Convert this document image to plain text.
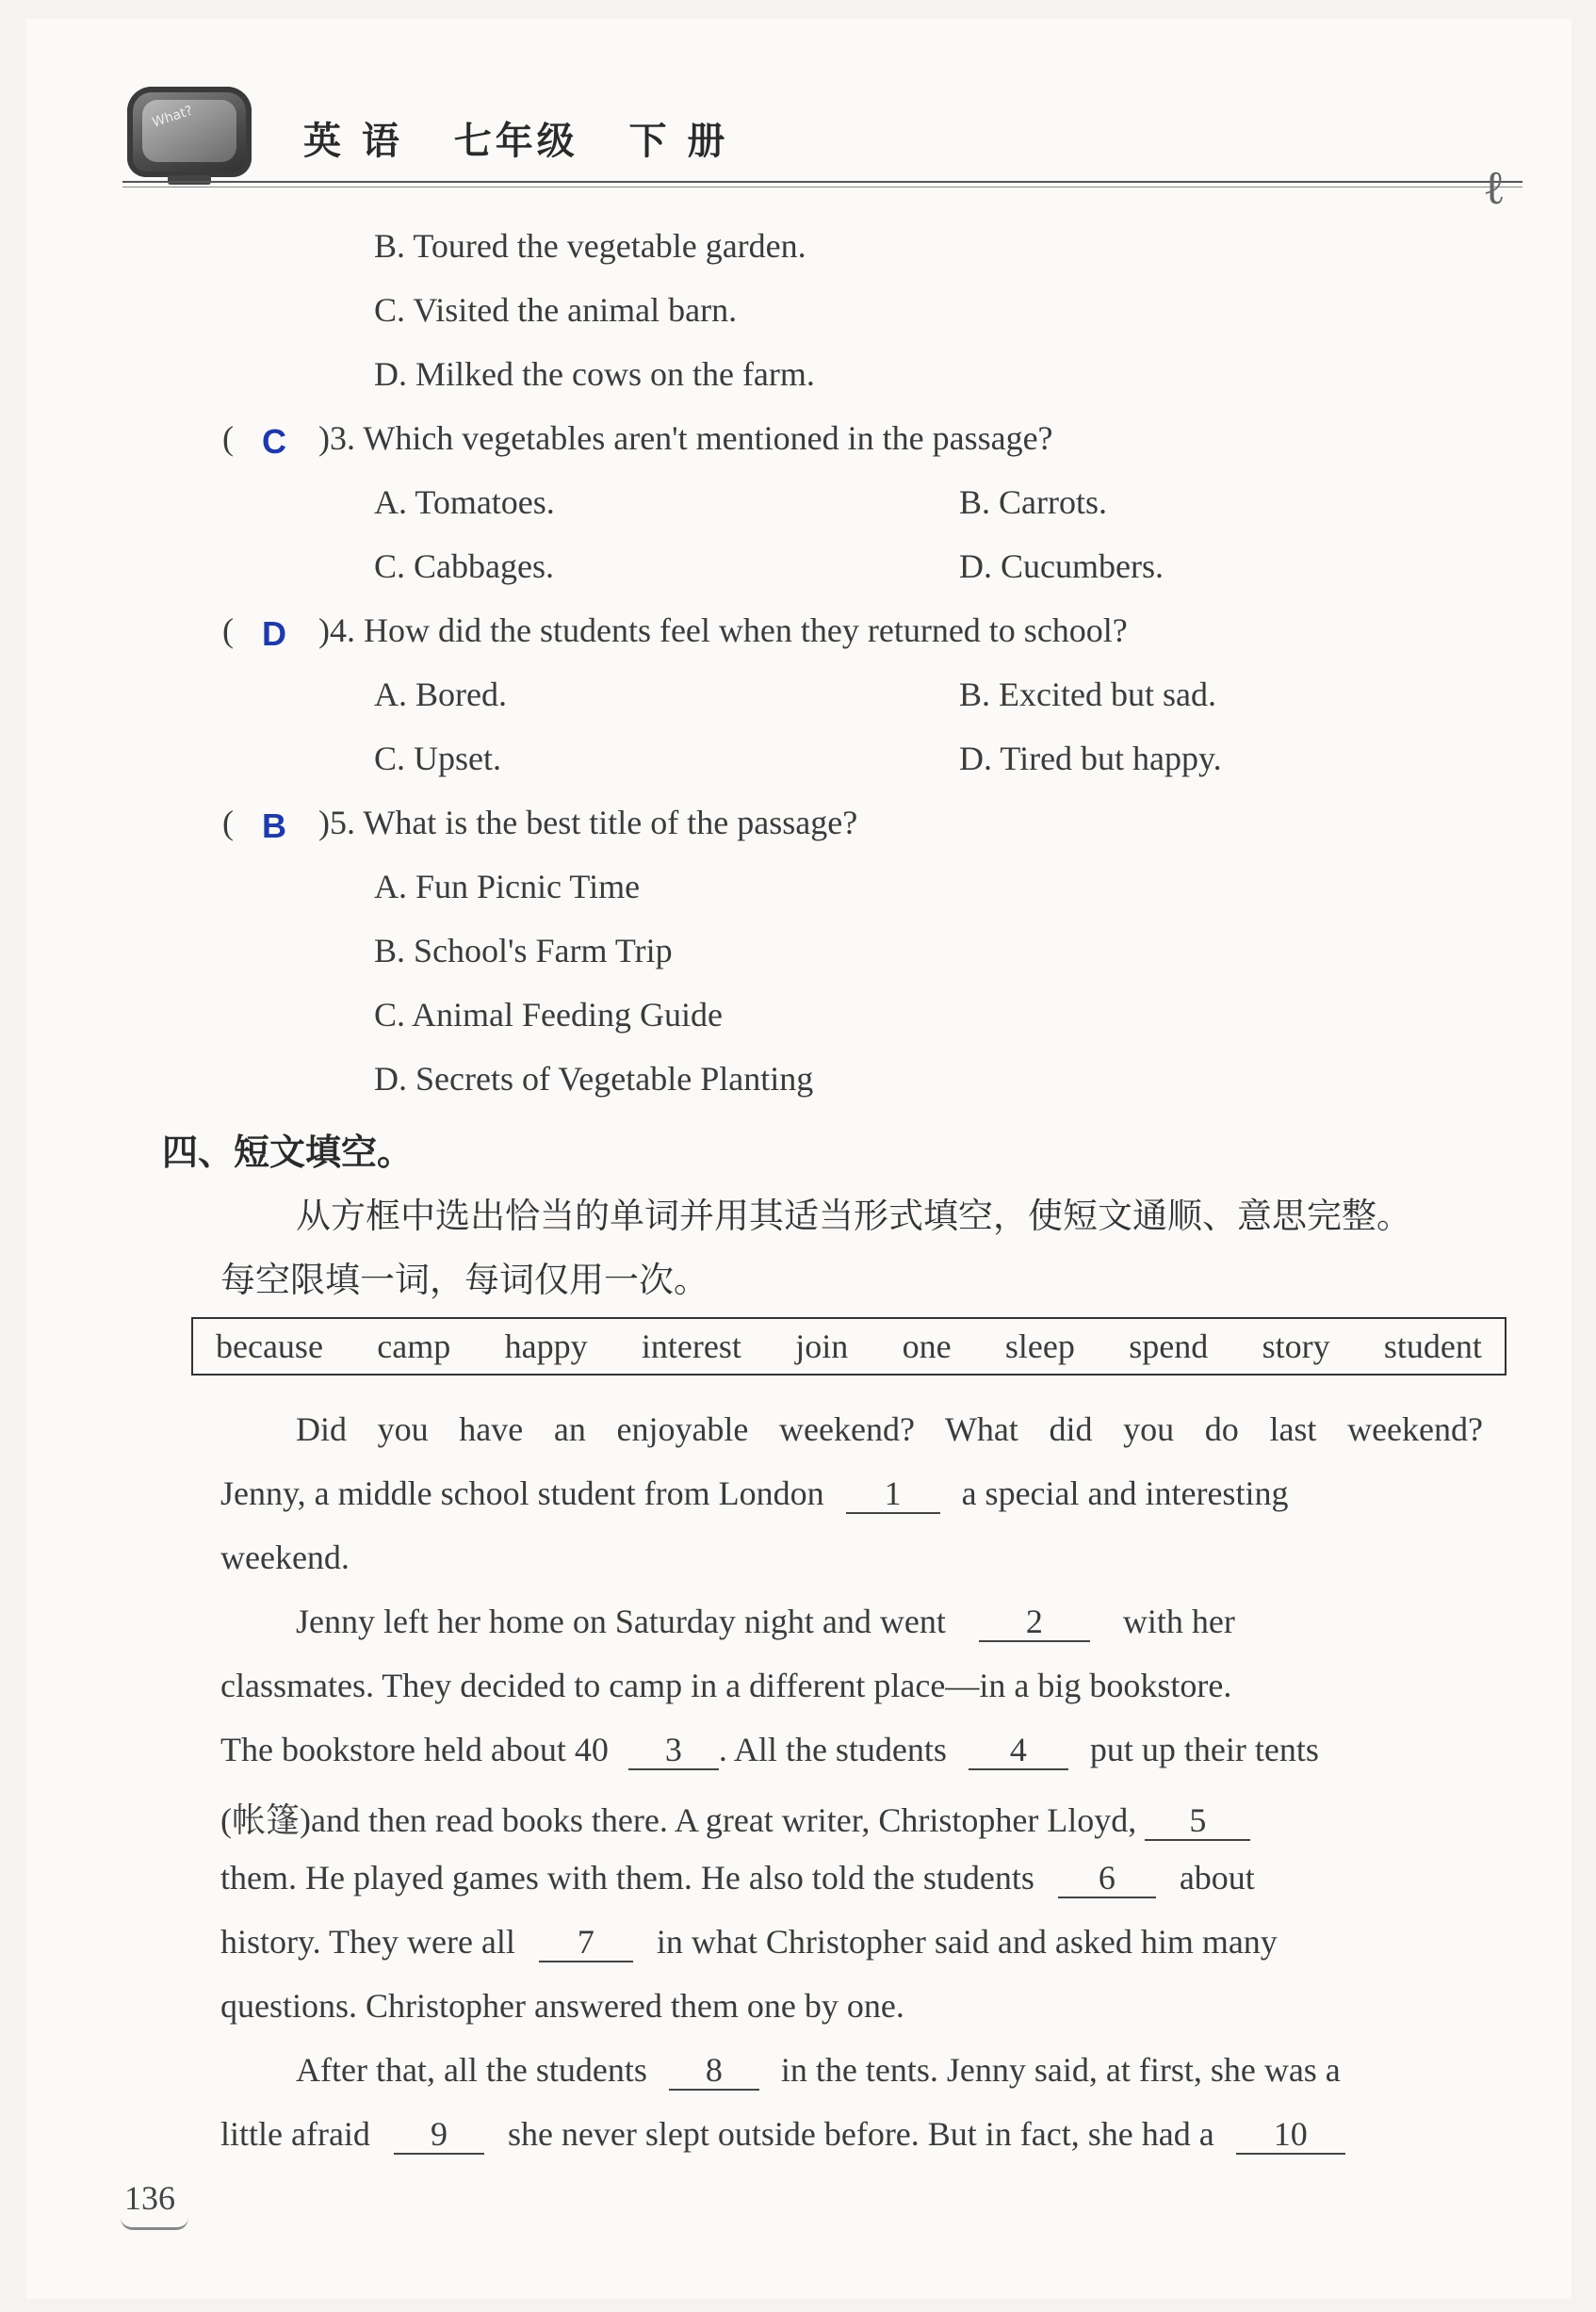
What?
英 语   七年级   下 册
ℓ
B. Toured the vegetable garden.
C. Visited the animal barn.
D. Milked the cows on the farm.
( C )3. Which vegetables aren't mentioned in the passage?
A. Tomatoes.	B. Carrots.
C. Cabbages.	D. Cucumbers.
( D )4. How did the students feel when they returned to school?
A. Bored.	B. Excited but sad.
C. Upset.	D. Tired but happy.
( B )5. What is the best title of the passage?
A. Fun Picnic Time
B. School's Farm Trip
C. Animal Feeding Guide
D. Secrets of Vegetable Planting
四、短文填空。
从方框中选出恰当的单词并用其适当形式填空，使短文通顺、意思完整。
每空限填一词，每词仅用一次。
because camp happy interest join one sleep spend story student
Did you have an enjoyable weekend? What did you do last weekend?
Jenny, a middle school student from London 1 a special and interesting
weekend.
Jenny left her home on Saturday night and went 2 with her
classmates. They decided to camp in a different place—in a big bookstore.
The bookstore held about 40 3 . All the students 4 put up their tents
(帐篷)and then read books there. A great writer, Christopher Lloyd, 5
them. He played games with them. He also told the students 6 about
history. They were all 7 in what Christopher said and asked him many
questions. Christopher answered them one by one.
After that, all the students 8 in the tents. Jenny said, at first, she was a
little afraid 9 she never slept outside before. But in fact, she had a 10
136
